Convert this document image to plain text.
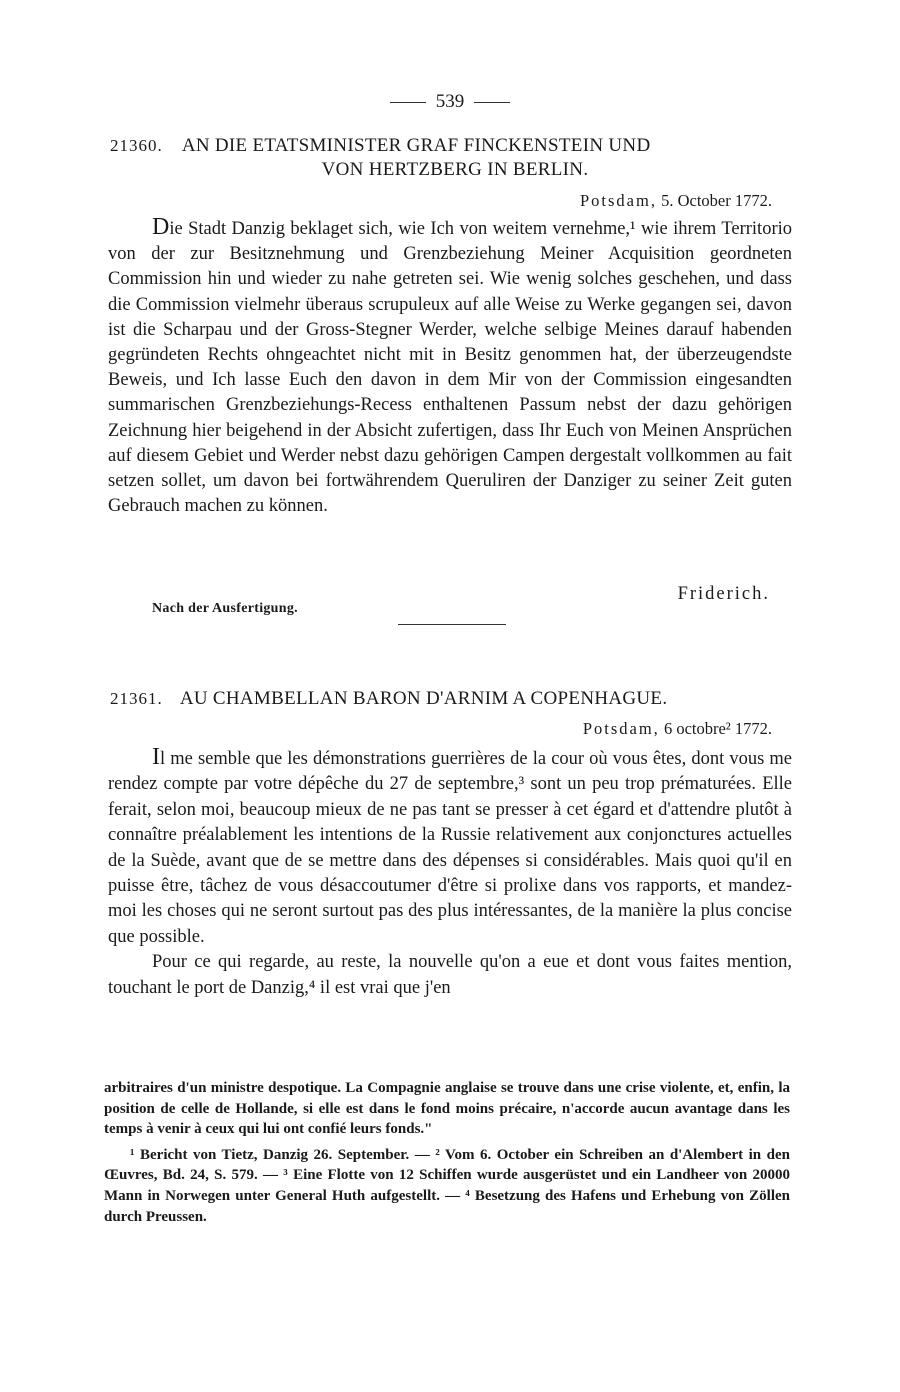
539
21360. AN DIE ETATSMINISTER GRAF FINCKENSTEIN UND
VON HERTZBERG IN BERLIN.
Potsdam, 5. October 1772.

Die Stadt Danzig beklaget sich, wie Ich von weitem vernehme,¹ wie ihrem Territorio von der zur Besitznehmung und Grenzbeziehung Meiner Acquisition geordneten Commission hin und wieder zu nahe getreten sei. Wie wenig solches geschehen, und dass die Commission vielmehr überaus scrupuleux auf alle Weise zu Werke gegangen sei, davon ist die Scharpau und der Gross-Stegner Werder, welche selbige Meines darauf habenden gegründeten Rechts ohngeachtet nicht mit in Besitz genommen hat, der überzeugendste Beweis, und Ich lasse Euch den davon in dem Mir von der Commission eingesandten summarischen Grenzbeziehungs-Recess enthaltenen Passum nebst der dazu gehörigen Zeichnung hier beigehend in der Absicht zufertigen, dass Ihr Euch von Meinen Ansprüchen auf diesem Gebiet und Werder nebst dazu gehörigen Campen dergestalt vollkommen au fait setzen sollet, um davon bei fortwährendem Queruliren der Danziger zu seiner Zeit guten Gebrauch machen zu können.

Friderich.
Nach der Ausfertigung.
21361. AU CHAMBELLAN BARON D'ARNIM A COPENHAGUE.
Potsdam, 6 octobre² 1772.

Il me semble que les démonstrations guerrières de la cour où vous êtes, dont vous me rendez compte par votre dépêche du 27 de septembre,³ sont un peu trop prématurées. Elle ferait, selon moi, beaucoup mieux de ne pas tant se presser à cet égard et d'attendre plutôt à connaître préalablement les intentions de la Russie relativement aux conjonctures actuelles de la Suède, avant que de se mettre dans des dépenses si considérables. Mais quoi qu'il en puisse être, tâchez de vous désaccoutumer d'être si prolixe dans vos rapports, et mandez-moi les choses qui ne seront surtout pas des plus intéressantes, de la manière la plus concise que possible.

Pour ce qui regarde, au reste, la nouvelle qu'on a eue et dont vous faites mention, touchant le port de Danzig,⁴ il est vrai que j'en

arbitraires d'un ministre despotique. La Compagnie anglaise se trouve dans une crise violente, et, enfin, la position de celle de Hollande, si elle est dans le fond moins précaire, n'accorde aucun avantage dans les temps à venir à ceux qui lui ont confié leurs fonds."

¹ Bericht von Tietz, Danzig 26. September. — ² Vom 6. October ein Schreiben an d'Alembert in den Œuvres, Bd. 24, S. 579. — ³ Eine Flotte von 12 Schiffen wurde ausgerüstet und ein Landheer von 20000 Mann in Norwegen unter General Huth aufgestellt. — ⁴ Besetzung des Hafens und Erhebung von Zöllen durch Preussen.
